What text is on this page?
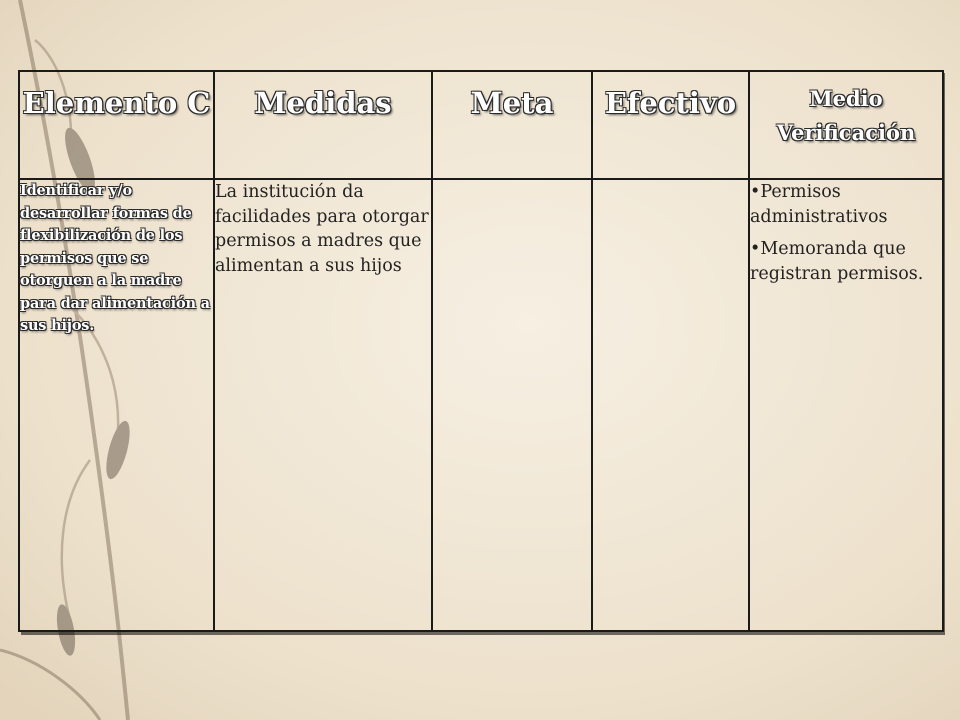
Elemento C	Medidas	Meta	Efectivo	Medio
Verificación

Identificar y/o desarrollar formas de flexibilización de los permisos que se otorguen a la madre para dar alimentación a sus hijos.	La institución da facilidades para otorgar permisos a madres que alimentan a sus hijos			•Permisos administrativos
•Memoranda que registran permisos.
